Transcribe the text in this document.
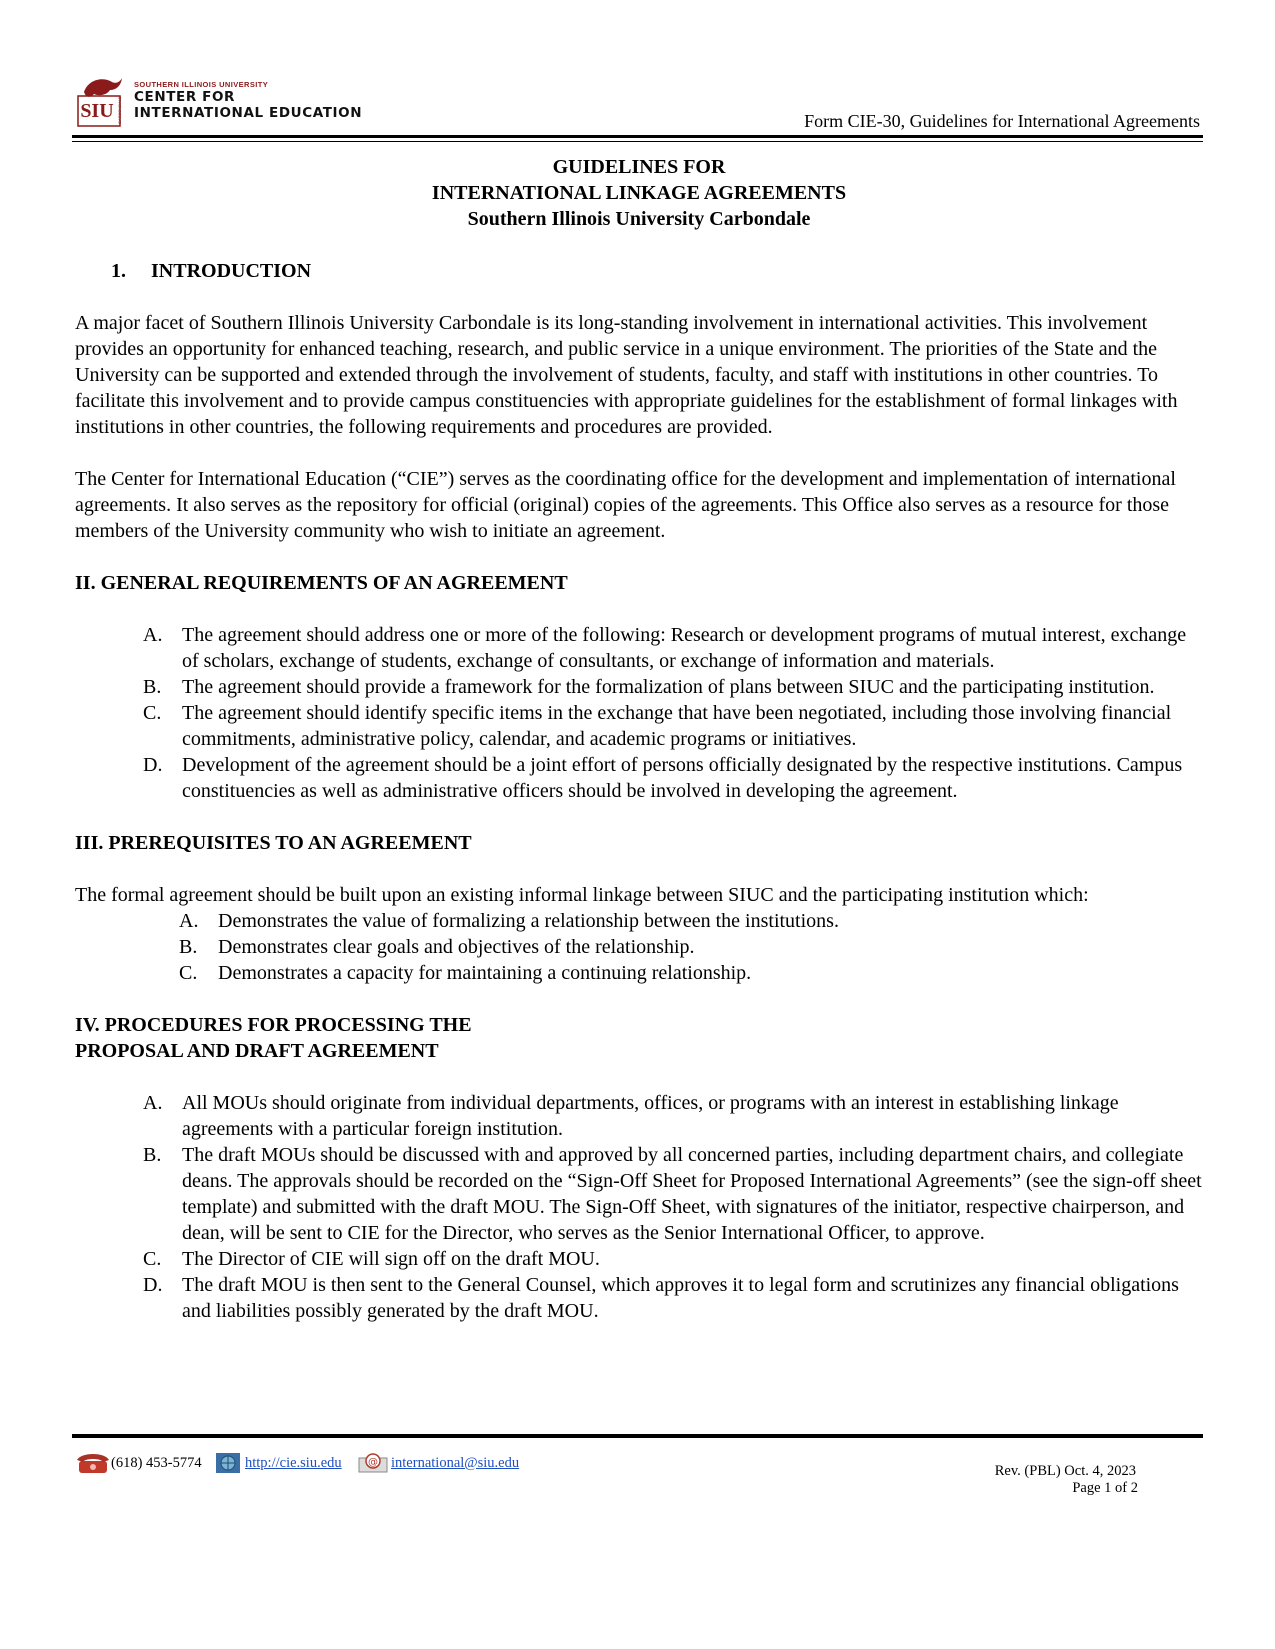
SIU CARBONDALE
SOUTHERN ILLINOIS UNIVERSITY
CENTER FOR
INTERNATIONAL EDUCATION	Form CIE-30, Guidelines for International Agreements
GUIDELINES FOR
INTERNATIONAL LINKAGE AGREEMENTS
Southern Illinois University Carbondale
1. INTRODUCTION

A major facet of Southern Illinois University Carbondale is its long-standing involvement in international activities. This involvement provides an opportunity for enhanced teaching, research, and public service in a unique environment. The priorities of the State and the University can be supported and extended through the involvement of students, faculty, and staff with institutions in other countries. To facilitate this involvement and to provide campus constituencies with appropriate guidelines for the establishment of formal linkages with institutions in other countries, the following requirements and procedures are provided.

The Center for International Education (“CIE”) serves as the coordinating office for the development and implementation of international agreements. It also serves as the repository for official (original) copies of the agreements. This Office also serves as a resource for those members of the University community who wish to initiate an agreement.

II. GENERAL REQUIREMENTS OF AN AGREEMENT
A. The agreement should address one or more of the following: Research or development programs of mutual interest, exchange of scholars, exchange of students, exchange of consultants, or exchange of information and materials.
B. The agreement should provide a framework for the formalization of plans between SIUC and the participating institution.
C. The agreement should identify specific items in the exchange that have been negotiated, including those involving financial commitments, administrative policy, calendar, and academic programs or initiatives.
D. Development of the agreement should be a joint effort of persons officially designated by the respective institutions. Campus constituencies as well as administrative officers should be involved in developing the agreement.
III. PREREQUISITES TO AN AGREEMENT

The formal agreement should be built upon an existing informal linkage between SIUC and the participating institution which:

A. Demonstrates the value of formalizing a relationship between the institutions.
B. Demonstrates clear goals and objectives of the relationship.
C. Demonstrates a capacity for maintaining a continuing relationship.
IV. PROCEDURES FOR PROCESSING THE
PROPOSAL AND DRAFT AGREEMENT
A. All MOUs should originate from individual departments, offices, or programs with an interest in establishing linkage agreements with a particular foreign institution.
B. The draft MOUs should be discussed with and approved by all concerned parties, including department chairs, and collegiate deans. The approvals should be recorded on the “Sign-Off Sheet for Proposed International Agreements” (see the sign-off sheet template) and submitted with the draft MOU. The Sign-Off Sheet, with signatures of the initiator, respective chairperson, and dean, will be sent to CIE for the Director, who serves as the Senior International Officer, to approve.
C. The Director of CIE will sign off on the draft MOU.
D. The draft MOU is then sent to the General Counsel, which approves it to legal form and scrutinizes any financial obligations and liabilities possibly generated by the draft MOU.
(618) 453-5774	http://cie.siu.edu	@ international@siu.edu
Rev. (PBL) Oct. 4, 2023
Page 1 of 2
